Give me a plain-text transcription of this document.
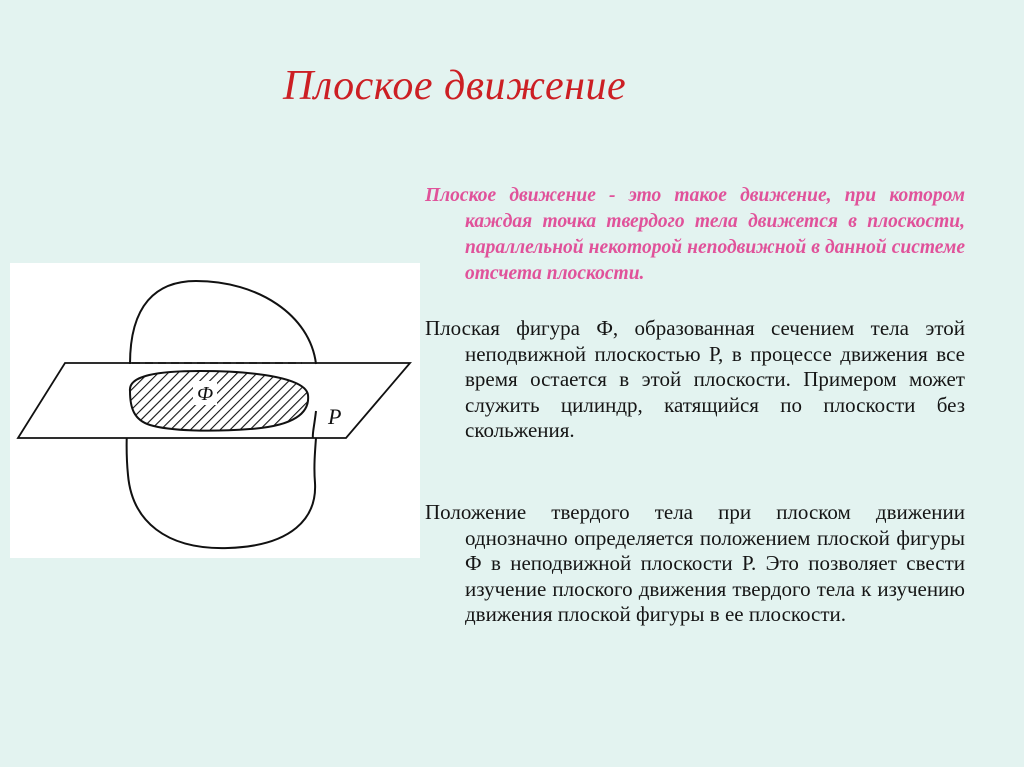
Плоское движение
Ф
P
Плоское движение - это такое движение, при котором каждая точка твердого тела движется в плоскости, параллельной некоторой неподвижной в данной системе отсчета плоскости.
Плоская фигура Ф, образованная сечением тела этой неподвижной плоскостью Р, в процессе движения все время остается в этой плоскости. Примером может служить цилиндр, катящийся по плоскости без скольжения.
Положение твердого тела при плоском движении однозначно определяется положением плоской фигуры Ф в неподвижной плоскости Р. Это позволяет свести изучение плоского движения твердого тела к изучению движения плоской фигуры в ее плоскости.
